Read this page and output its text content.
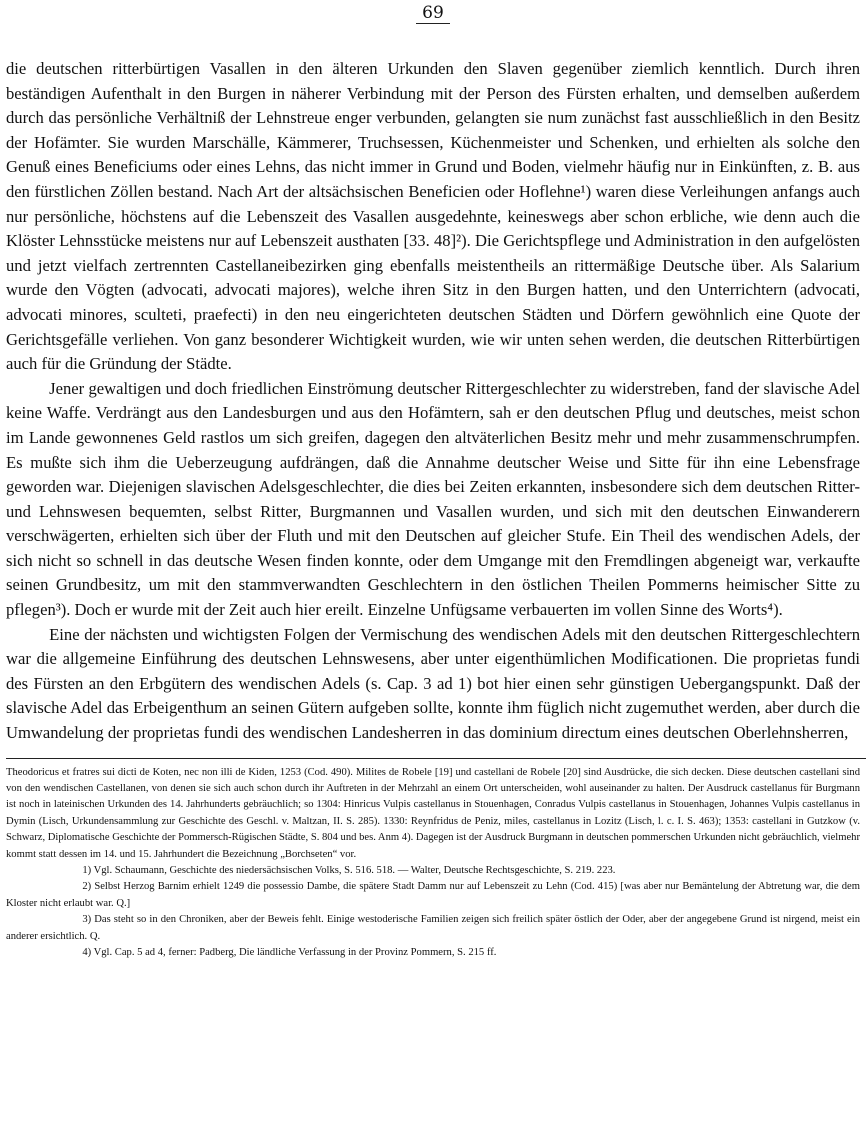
69

die deutschen ritterbürtigen Vasallen in den älteren Urkunden den Slaven gegenüber ziemlich kenntlich. Durch ihren beständigen Aufenthalt in den Burgen in näherer Verbindung mit der Person des Fürsten erhalten, und demselben außerdem durch das persönliche Verhältniß der Lehnstreue enger verbunden, gelangten sie num zunächst fast ausschließlich in den Besitz der Hofämter. Sie wurden Marschälle, Kämmerer, Truchsessen, Küchenmeister und Schenken, und erhielten als solche den Genuß eines Beneficiums oder eines Lehns, das nicht immer in Grund und Boden, vielmehr häufig nur in Einkünften, z. B. aus den fürstlichen Zöllen bestand. Nach Art der altsächsischen Beneficien oder Hoflehne¹) waren diese Verleihungen anfangs auch nur persönliche, höchstens auf die Lebenszeit des Vasallen ausgedehnte, keineswegs aber schon erbliche, wie denn auch die Klöster Lehnsstücke meistens nur auf Lebenszeit austhaten [33. 48]²). Die Gerichtspflege und Administration in den aufgelösten und jetzt vielfach zertrennten Castellaneibezirken ging ebenfalls meistentheils an rittermäßige Deutsche über. Als Salarium wurde den Vögten (advocati, advocati majores), welche ihren Sitz in den Burgen hatten, und den Unterrichtern (advocati, advocati minores, sculteti, praefecti) in den neu eingerichteten deutschen Städten und Dörfern gewöhnlich eine Quote der Gerichtsgefälle verliehen. Von ganz besonderer Wichtigkeit wurden, wie wir unten sehen werden, die deutschen Ritterbürtigen auch für die Gründung der Städte.

Jener gewaltigen und doch friedlichen Einströmung deutscher Rittergeschlechter zu widerstreben, fand der slavische Adel keine Waffe. Verdrängt aus den Landesburgen und aus den Hofämtern, sah er den deutschen Pflug und deutsches, meist schon im Lande gewonnenes Geld rastlos um sich greifen, dagegen den altväterlichen Besitz mehr und mehr zusammenschrumpfen. Es mußte sich ihm die Ueberzeugung aufdrängen, daß die Annahme deutscher Weise und Sitte für ihn eine Lebensfrage geworden war. Diejenigen slavischen Adelsgeschlechter, die dies bei Zeiten erkannten, insbesondere sich dem deutschen Ritter- und Lehnswesen bequemten, selbst Ritter, Burgmannen und Vasallen wurden, und sich mit den deutschen Einwanderern verschwägerten, erhielten sich über der Fluth und mit den Deutschen auf gleicher Stufe. Ein Theil des wendischen Adels, der sich nicht so schnell in das deutsche Wesen finden konnte, oder dem Umgange mit den Fremdlingen abgeneigt war, verkaufte seinen Grundbesitz, um mit den stammverwandten Geschlechtern in den östlichen Theilen Pommerns heimischer Sitte zu pflegen³). Doch er wurde mit der Zeit auch hier ereilt. Einzelne Unfügsame verbauerten im vollen Sinne des Worts⁴).

Eine der nächsten und wichtigsten Folgen der Vermischung des wendischen Adels mit den deutschen Rittergeschlechtern war die allgemeine Einführung des deutschen Lehnswesens, aber unter eigenthümlichen Modificationen. Die proprietas fundi des Fürsten an den Erbgütern des wendischen Adels (s. Cap. 3 ad 1) bot hier einen sehr günstigen Uebergangspunkt. Daß der slavische Adel das Erbeigenthum an seinen Gütern aufgeben sollte, konnte ihm füglich nicht zugemuthet werden, aber durch die Umwandelung der proprietas fundi des wendischen Landesherren in das dominium directum eines deutschen Oberlehnsherren,

Theodoricus et fratres sui dicti de Koten, nec non illi de Kiden, 1253 (Cod. 490). Milites de Robele [19] und castellani de Robele [20] sind Ausdrücke, die sich decken. Diese deutschen castellani sind von den wendischen Castellanen, von denen sie sich auch schon durch ihr Auftreten in der Mehrzahl an einem Ort unterscheiden, wohl auseinander zu halten. Der Ausdruck castellanus für Burgmann ist noch in lateinischen Urkunden des 14. Jahrhunderts gebräuchlich; so 1304: Hinricus Vulpis castellanus in Stouenhagen, Conradus Vulpis castellanus in Stouenhagen, Johannes Vulpis castellanus in Dymin (Lisch, Urkundensammlung zur Geschichte des Geschl. v. Maltzan, II. S. 285). 1330: Reynfridus de Peniz, miles, castellanus in Lozitz (Lisch, l. c. I. S. 463); 1353: castellani in Gutzkow (v. Schwarz, Diplomatische Geschichte der Pommersch-Rügischen Städte, S. 804 und bes. Anm 4). Dagegen ist der Ausdruck Burgmann in deutschen pommerschen Urkunden nicht gebräuchlich, vielmehr kommt statt dessen im 14. und 15. Jahrhundert die Bezeichnung „Borchseten“ vor.

1) Vgl. Schaumann, Geschichte des niedersächsischen Volks, S. 516. 518. — Walter, Deutsche Rechtsgeschichte, S. 219. 223.

2) Selbst Herzog Barnim erhielt 1249 die possessio Dambe, die spätere Stadt Damm nur auf Lebenszeit zu Lehn (Cod. 415) [was aber nur Bemäntelung der Abtretung war, die dem Kloster nicht erlaubt war. Q.]

3) Das steht so in den Chroniken, aber der Beweis fehlt. Einige westoderische Familien zeigen sich freilich später östlich der Oder, aber der angegebene Grund ist nirgend, meist ein anderer ersichtlich. Q.

4) Vgl. Cap. 5 ad 4, ferner: Padberg, Die ländliche Verfassung in der Provinz Pommern, S. 215 ff.
